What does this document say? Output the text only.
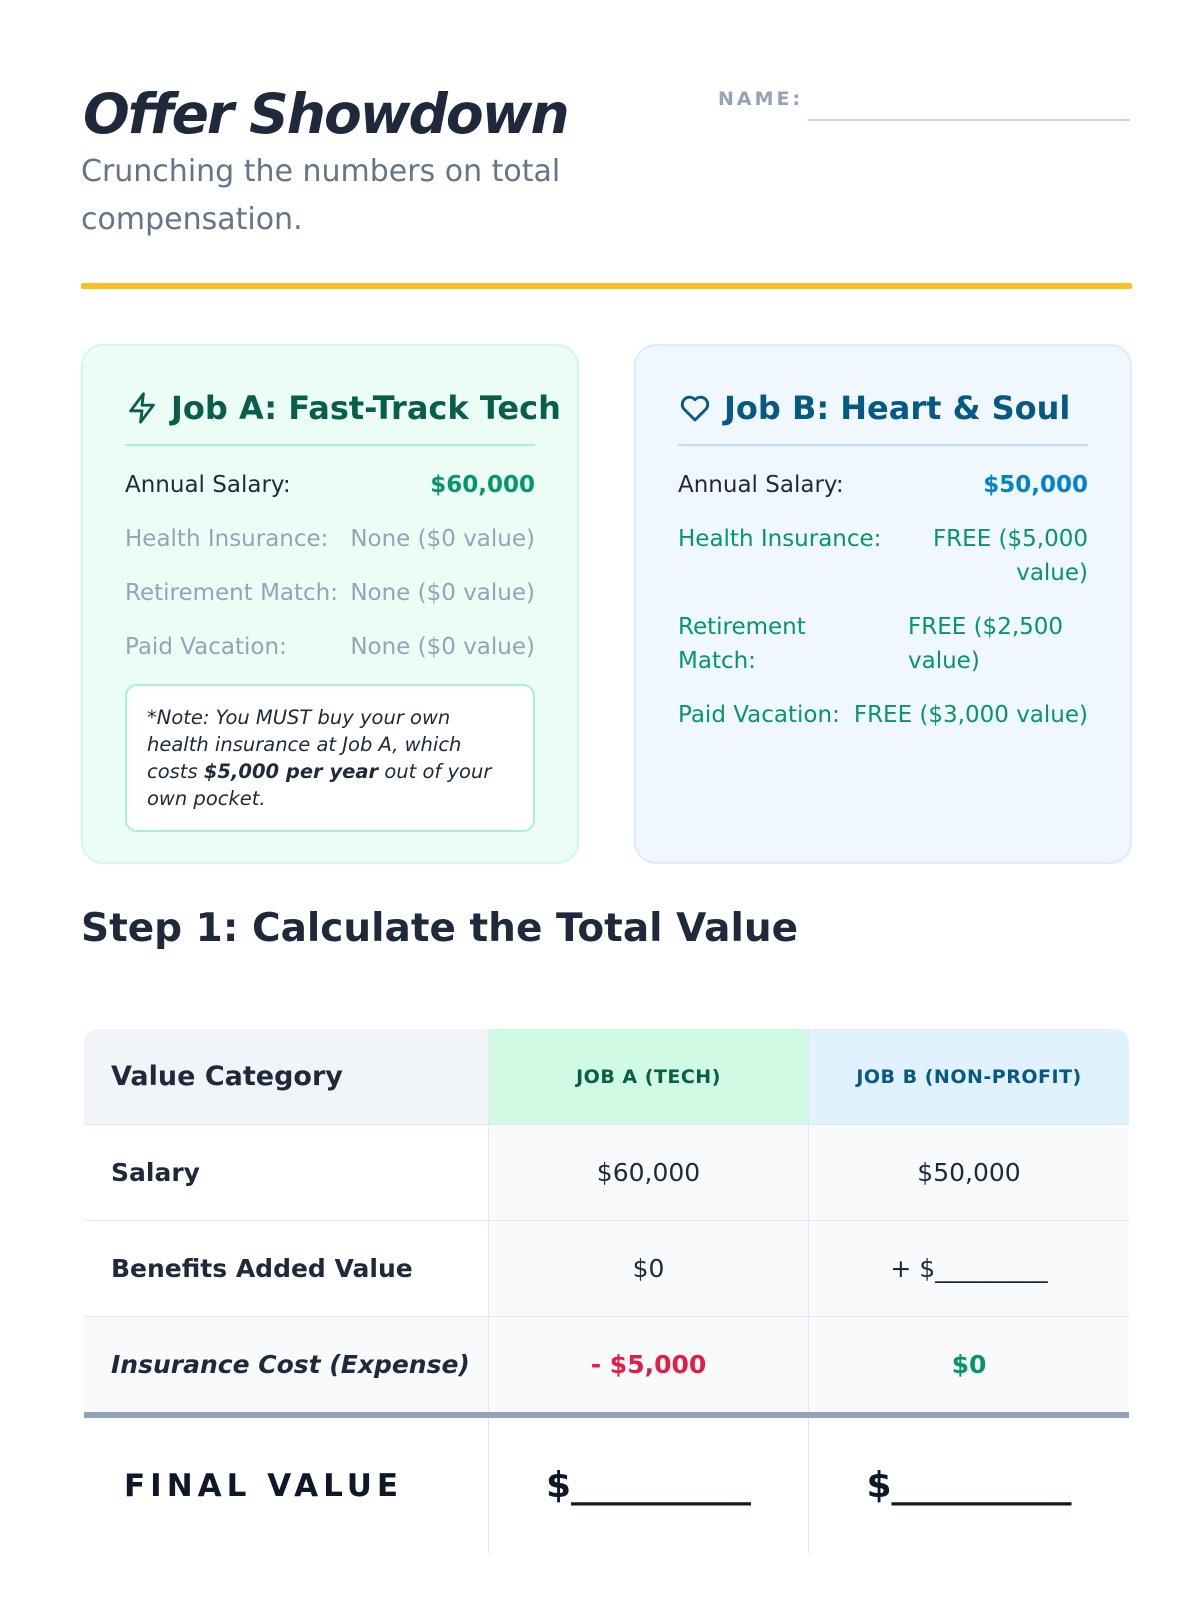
Offer Showdown

Crunching the numbers on total compensation.

NAME:
Job A: Fast-Track Tech
Annual Salary:	$60,000
Health Insurance: None ($0 value)
Retirement Match: None ($0 value)
Paid Vacation:	None ($0 value)
*Note: You MUST buy your own health insurance at Job A, which costs $5,000 per year out of your own pocket.
Job B: Heart & Soul
Annual Salary:	$50,000
Health Insurance:	FREE ($5,000 value)
Retirement Match:
FREE ($2,500 value)
Paid Vacation: FREE ($3,000 value)
Step 1: Calculate the Total Value
Value Category	JOB A (TECH)	JOB B (NON-PROFIT)
Salary	$60,000	$50,000
Benefits Added Value	$0	+ $_________
Insurance Cost (Expense)	- $5,000	$0
FINAL VALUE	$__________	$__________
